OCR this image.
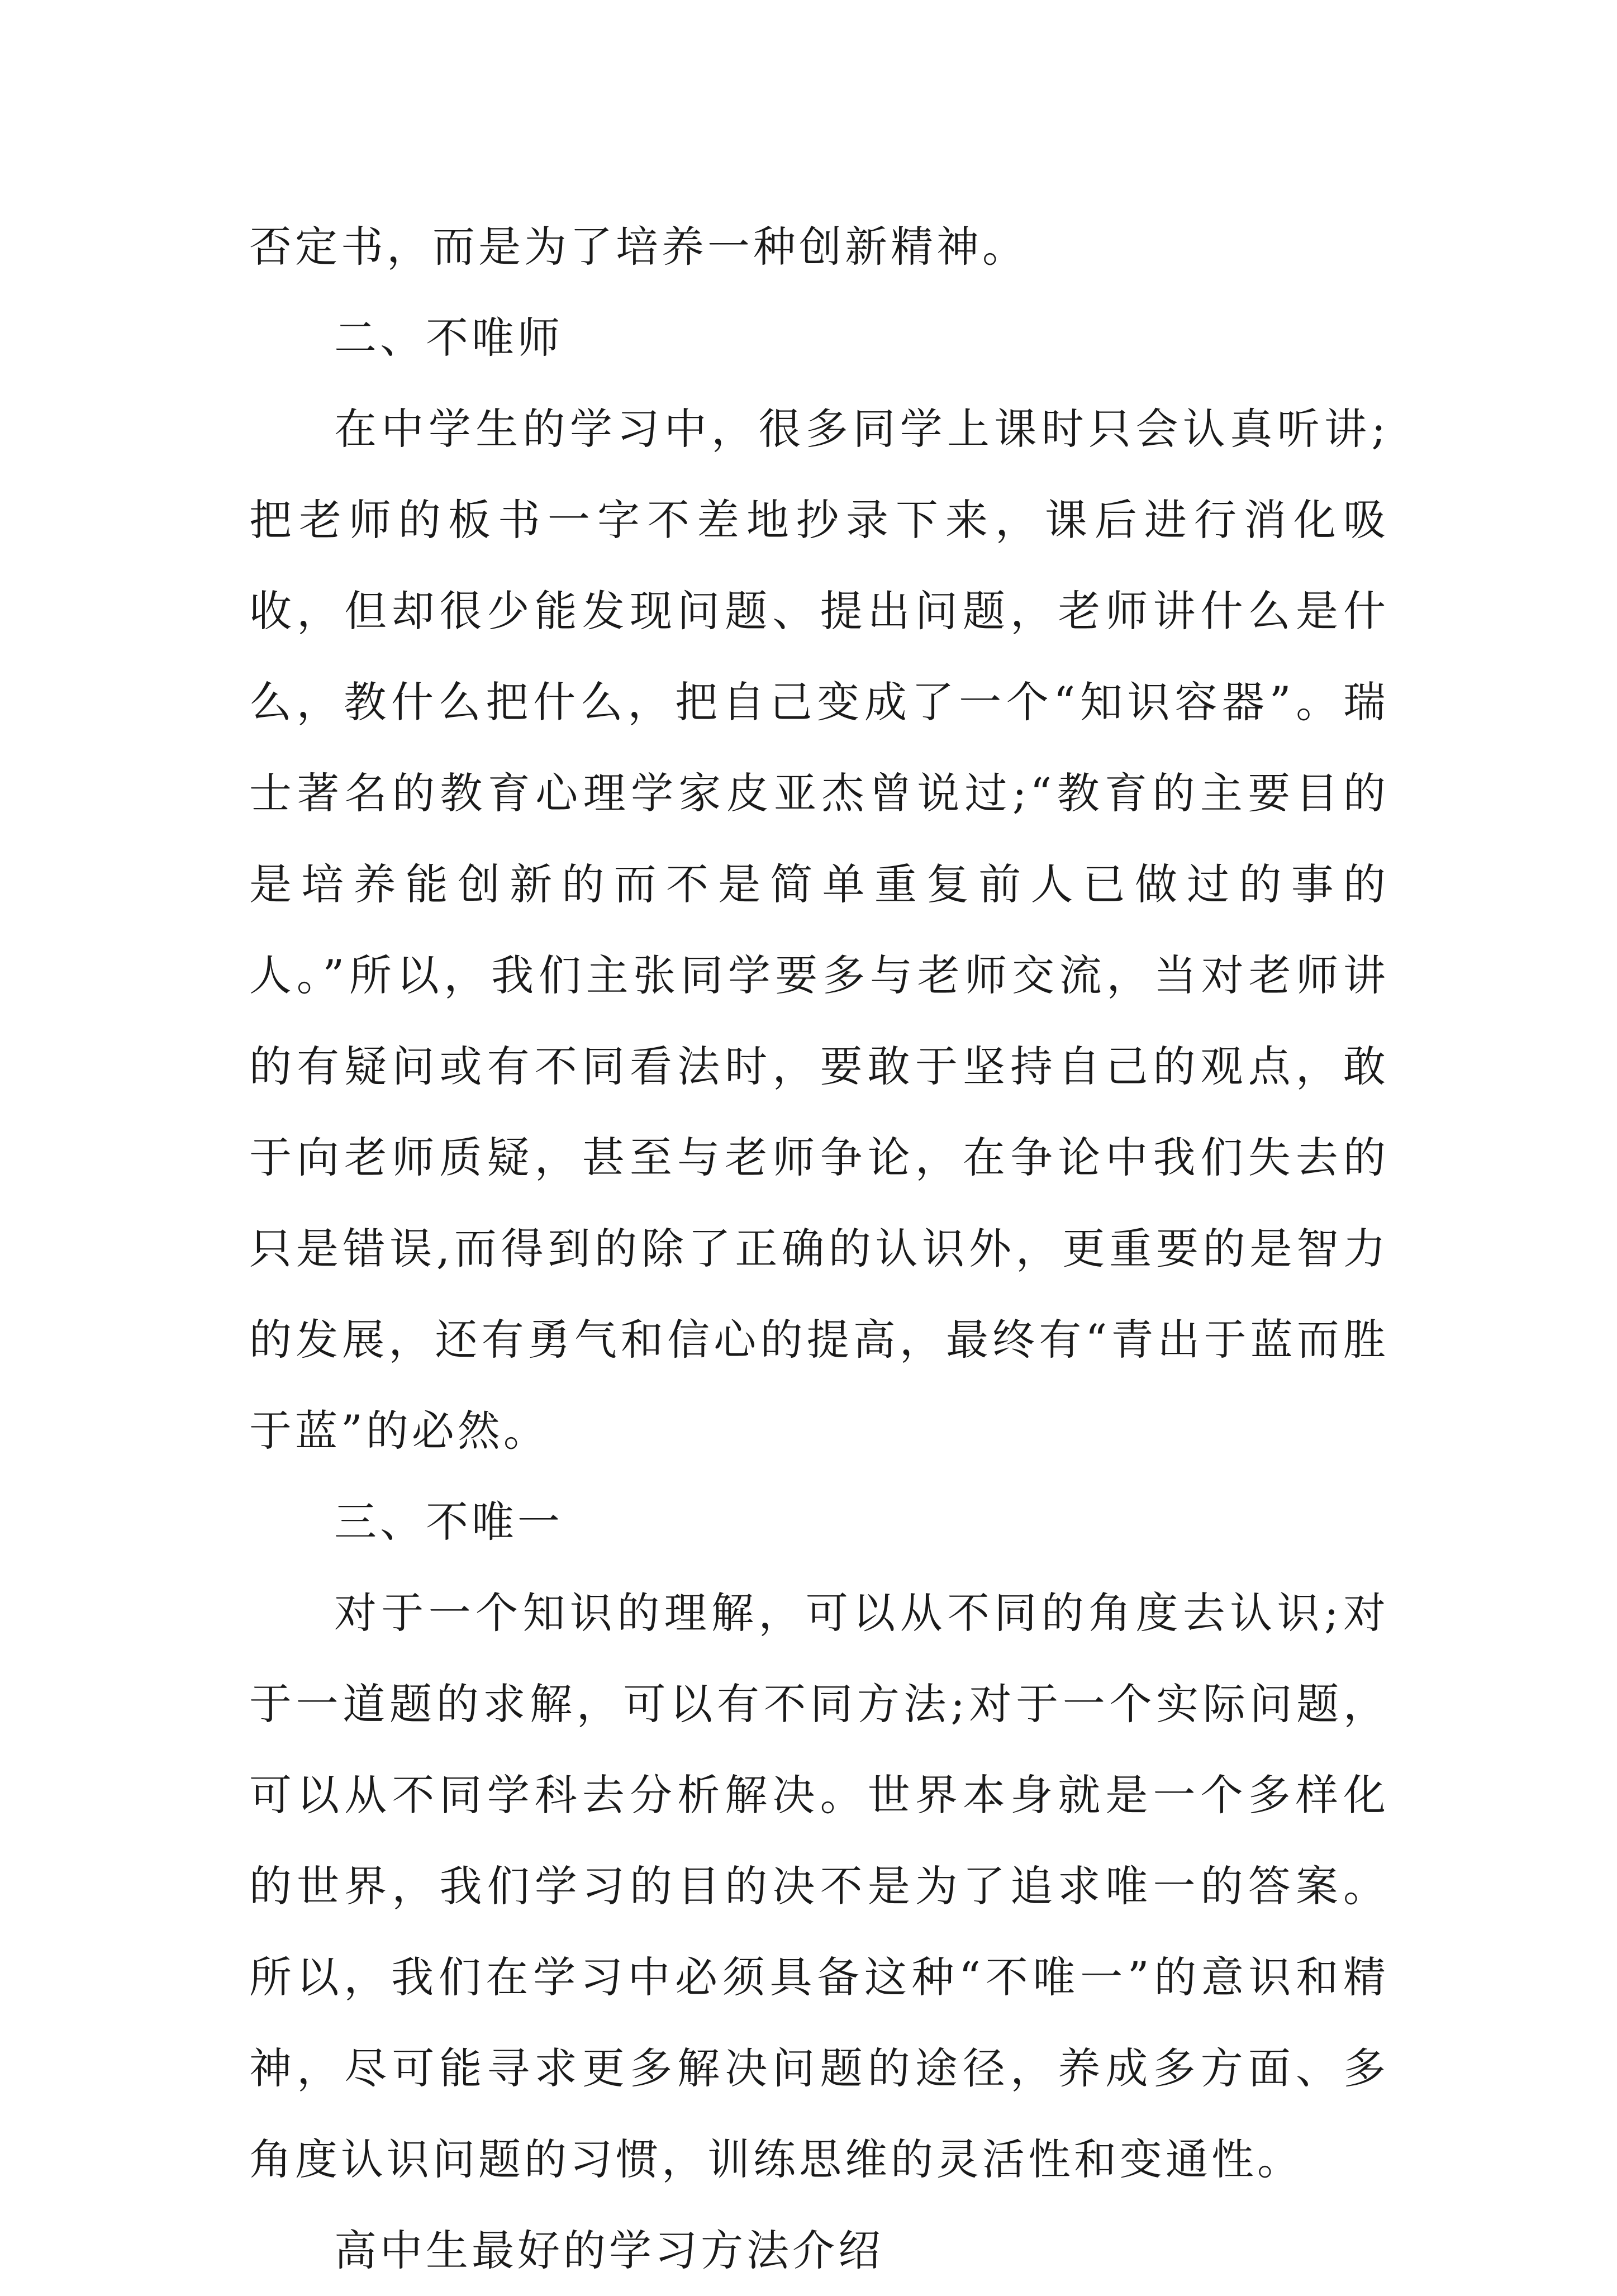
否定书，而是为了培养一种创新精神。

二、不唯师

在中学生的学习中，很多同学上课时只会认真听讲;把老师的板书一字不差地抄录下来，课后进行消化吸收，但却很少能发现问题、提出问题，老师讲什么是什么，教什么把什么，把自己变成了一个“知识容器”。瑞士著名的教育心理学家皮亚杰曾说过;“教育的主要目的是培养能创新的而不是简单重复前人已做过的事的人。”所以，我们主张同学要多与老师交流，当对老师讲的有疑问或有不同看法时，要敢于坚持自己的观点，敢于向老师质疑，甚至与老师争论，在争论中我们失去的只是错误,而得到的除了正确的认识外，更重要的是智力的发展，还有勇气和信心的提高，最终有“青出于蓝而胜于蓝”的必然。

三、不唯一

对于一个知识的理解，可以从不同的角度去认识;对于一道题的求解，可以有不同方法;对于一个实际问题，可以从不同学科去分析解决。世界本身就是一个多样化的世界，我们学习的目的决不是为了追求唯一的答案。所以，我们在学习中必须具备这种“不唯一”的意识和精神，尽可能寻求更多解决问题的途径，养成多方面、多角度认识问题的习惯，训练思维的灵活性和变通性。

高中生最好的学习方法介绍
